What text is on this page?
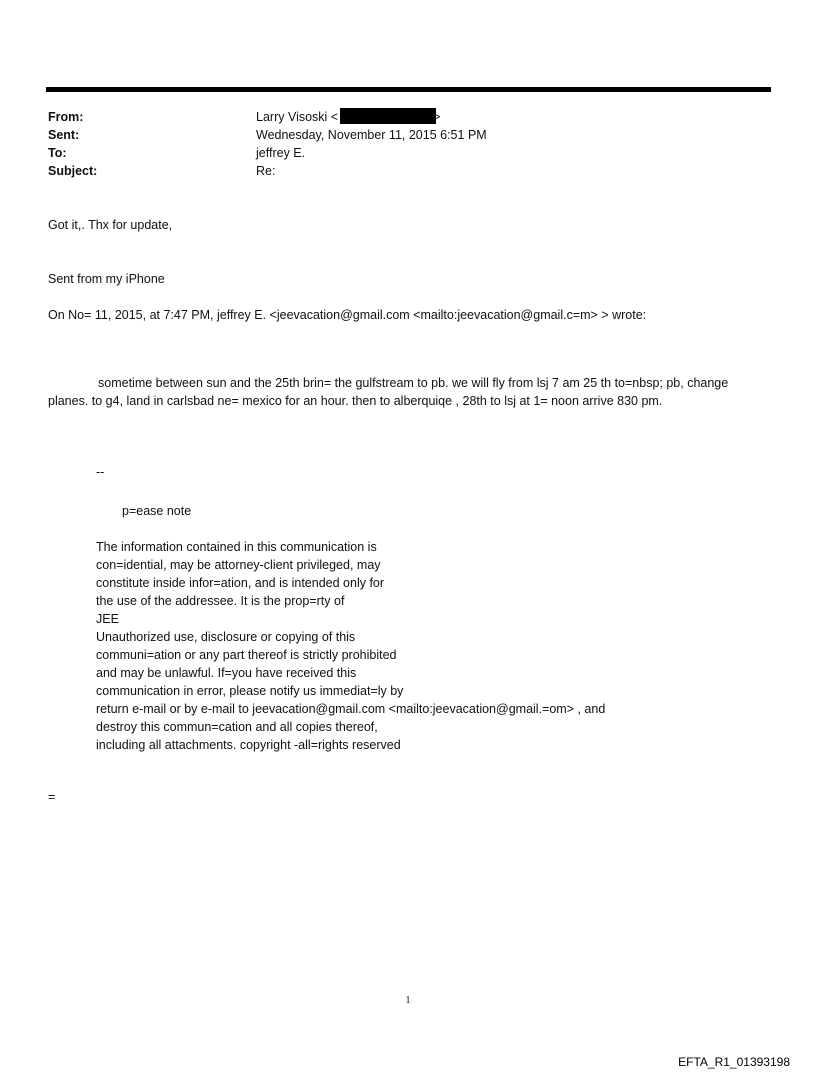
From:	Larry Visoski <	>
Sent:	Wednesday, November 11, 2015 6:51 PM
To:	jeffrey E.
Subject:	Re:
Got it,. Thx for update,
Sent from my iPhone
On No= 11, 2015, at 7:47 PM, jeffrey E. <jeevacation@gmail.com <mailto:jeevacation@gmail.c=m> > wrote:
sometime between sun and the 25th brin= the gulfstream to pb. we will fly from lsj 7 am 25 th to=nbsp; pb, change planes. to g4, land in carlsbad ne= mexico for an hour. then to alberquiqe , 28th to lsj at 1= noon arrive 830 pm.
--
p=ease note
The information contained in this communication is
con=idential, may be attorney-client privileged, may
constitute inside infor=ation, and is intended only for
the use of the addressee. It is the prop=rty of
JEE
Unauthorized use, disclosure or copying of this
communi=ation or any part thereof is strictly prohibited
and may be unlawful. If=you have received this
communication in error, please notify us immediat=ly by
return e-mail or by e-mail to jeevacation@gmail.com <mailto:jeevacation@gmail.=om> , and
destroy this commun=cation and all copies thereof,
including all attachments. copyright -all=rights reserved
=
1
EFTA_R1_01393198
